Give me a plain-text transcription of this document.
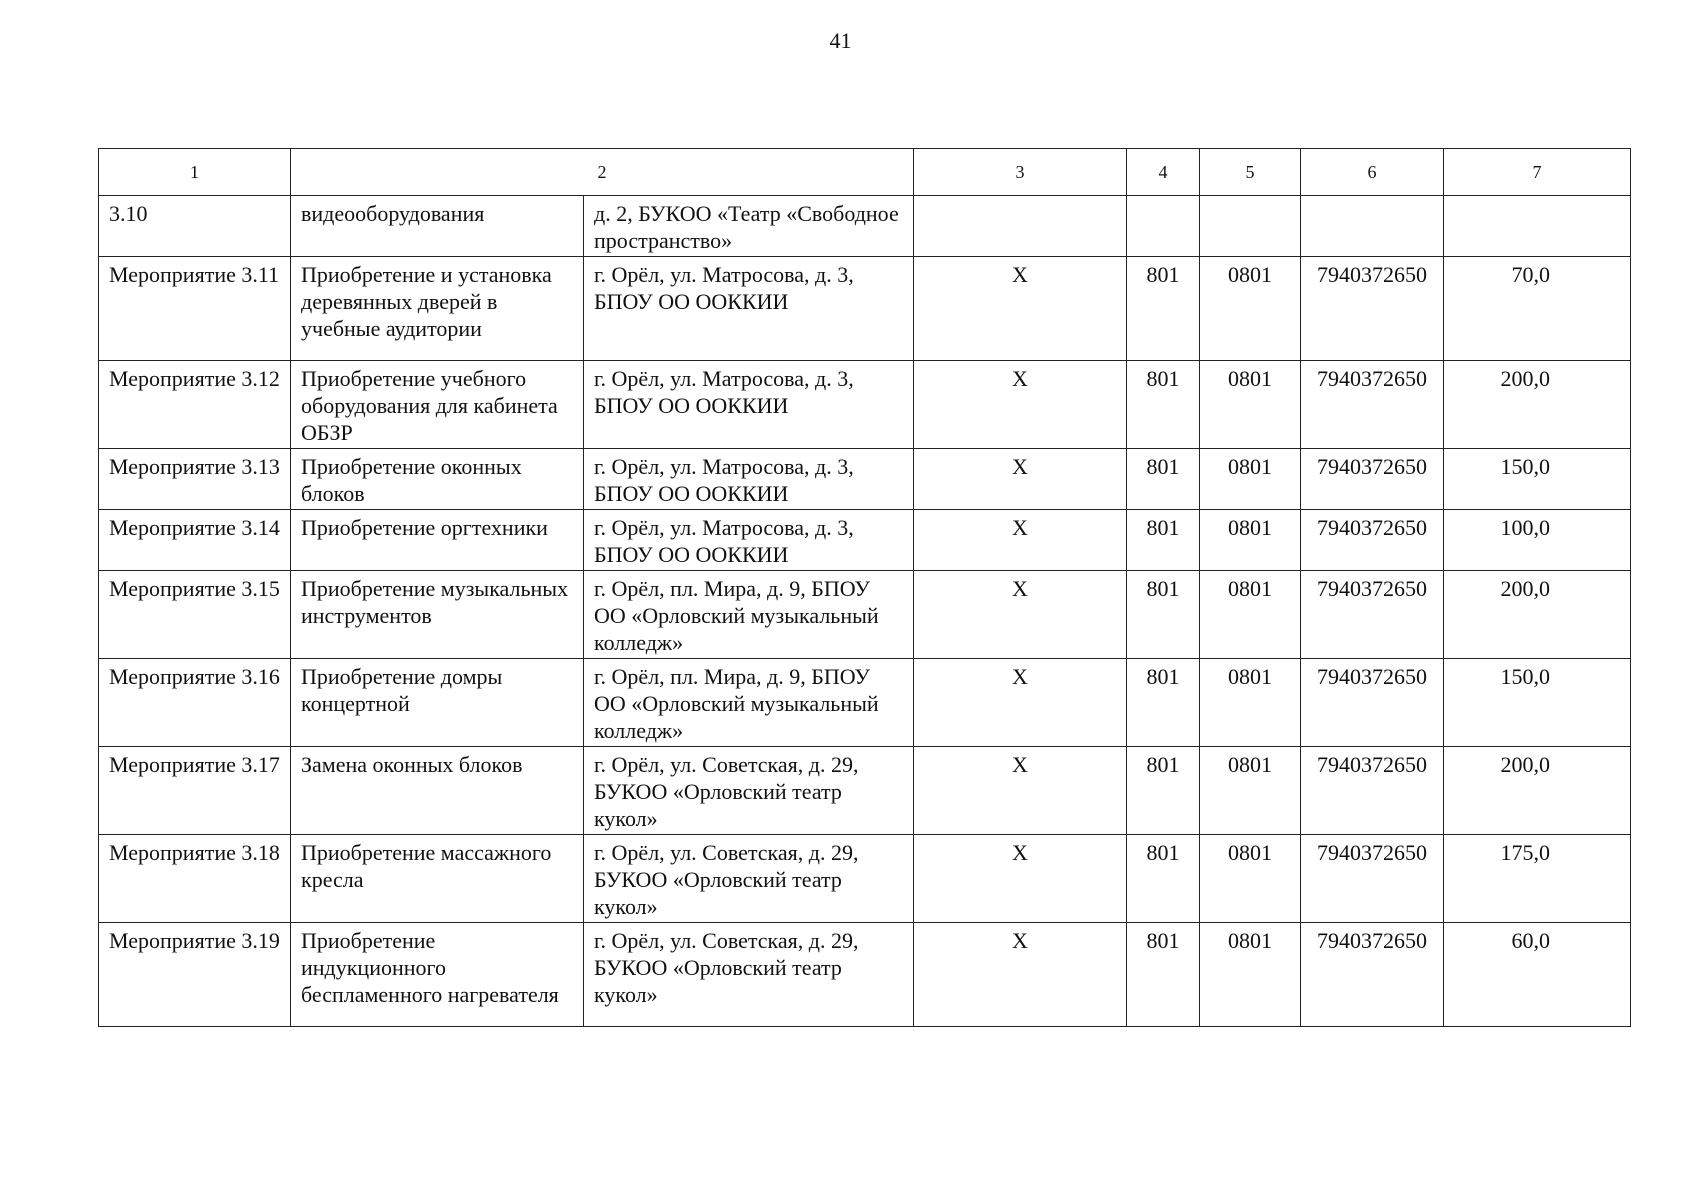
41
1	2		3	4	5	6	7
3.10	видеооборудования	д. 2, БУКОО «Театр «Свободное пространство»					
Мероприятие 3.11	Приобретение и установка деревянных дверей в учебные аудитории	г. Орёл, ул. Матросова, д. 3, БПОУ ОО ООККИИ	Х	801	0801	7940372650	70,0
Мероприятие 3.12	Приобретение учебного оборудования для кабинета ОБЗР	г. Орёл, ул. Матросова, д. 3, БПОУ ОО ООККИИ	Х	801	0801	7940372650	200,0
Мероприятие 3.13	Приобретение оконных блоков	г. Орёл, ул. Матросова, д. 3, БПОУ ОО ООККИИ	Х	801	0801	7940372650	150,0
Мероприятие 3.14	Приобретение оргтехники	г. Орёл, ул. Матросова, д. 3, БПОУ ОО ООККИИ	Х	801	0801	7940372650	100,0
Мероприятие 3.15	Приобретение музыкальных инструментов	г. Орёл, пл. Мира, д. 9, БПОУ ОО «Орловский музыкальный колледж»	Х	801	0801	7940372650	200,0
Мероприятие 3.16	Приобретение домры концертной	г. Орёл, пл. Мира, д. 9, БПОУ ОО «Орловский музыкальный колледж»	Х	801	0801	7940372650	150,0
Мероприятие 3.17	Замена оконных блоков	г. Орёл, ул. Советская, д. 29, БУКОО «Орловский театр кукол»	Х	801	0801	7940372650	200,0
Мероприятие 3.18	Приобретение массажного кресла	г. Орёл, ул. Советская, д. 29, БУКОО «Орловский театр кукол»	Х	801	0801	7940372650	175,0
Мероприятие 3.19	Приобретение индукционного беспламенного нагревателя	г. Орёл, ул. Советская, д. 29, БУКОО «Орловский театр кукол»	Х	801	0801	7940372650	60,0
